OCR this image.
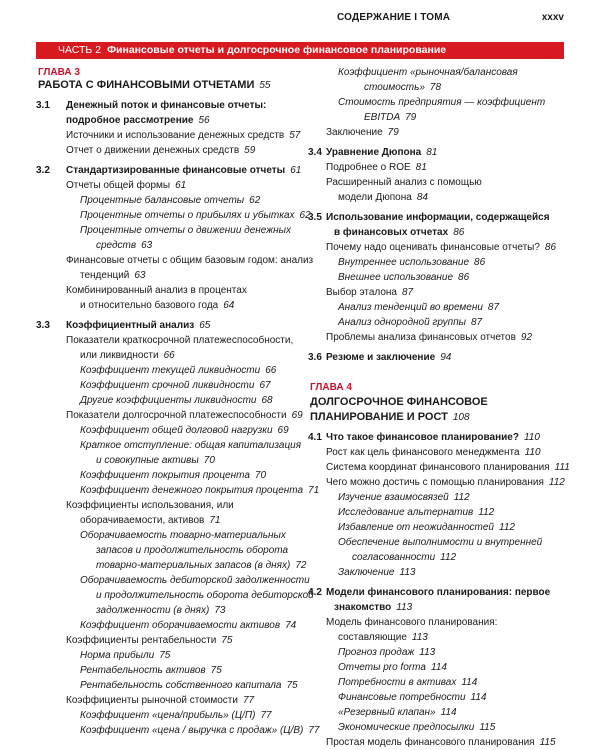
СОДЕРЖАНИЕ I ТОМА	xxxv
ЧАСТЬ 2 Финансовые отчеты и долгосрочное финансовое планирование
ГЛАВА 3
РАБОТА С ФИНАНСОВЫМИ ОТЧЕТАМИ 55
3.1 Денежный поток и финансовые отчеты:
подробное рассмотрение 56
Источники и использование денежных средств 57
Отчет о движении денежных средств 59
3.2 Стандартизированные финансовые отчеты 61
Отчеты общей формы 61
Процентные балансовые отчеты 62
Процентные отчеты о прибылях и убытках 62
Процентные отчеты о движении денежных
средств 63
Финансовые отчеты с общим базовым годом: анализ
тенденций 63
Комбинированный анализ в процентах
и относительно базового года 64
3.3 Коэффициентный анализ 65
Показатели краткосрочной платежеспособности,
или ликвидности 66
Коэффициент текущей ликвидности 66
Коэффициент срочной ликвидности 67
Другие коэффициенты ликвидности 68
Показатели долгосрочной платежеспособности 69
Коэффициент общей долговой нагрузки 69
Краткое отступление: общая капитализация
и совокупные активы 70
Коэффициент покрытия процента 70
Коэффициент денежного покрытия процента 71
Коэффициенты использования, или
оборачиваемости, активов 71
Оборачиваемость товарно-материальных
запасов и продолжительность оборота
товарно-материальных запасов (в днях) 72
Оборачиваемость дебиторской задолженности
и продолжительность оборота дебиторской
задолженности (в днях) 73
Коэффициент оборачиваемости активов 74
Коэффициенты рентабельности 75
Норма прибыли 75
Рентабельность активов 75
Рентабельность собственного капитала 75
Коэффициенты рыночной стоимости 77
Коэффициент «цена/прибыль» (Ц/П) 77
Коэффициент «цена / выручка с продаж» (Ц/В) 77
Коэффициент «рыночная/балансовая
стоимость» 78
Стоимость предприятия — коэффициент
EBITDA 79
Заключение 79
3.4 Уравнение Дюпона 81
Подробнее о ROE 81
Расширенный анализ с помощью
модели Дюпона 84
3.5 Использование информации, содержащейся
в финансовых отчетах 86
Почему надо оценивать финансовые отчеты? 86
Внутреннее использование 86
Внешнее использование 86
Выбор эталона 87
Анализ тенденций во времени 87
Анализ однородной группы 87
Проблемы анализа финансовых отчетов 92
3.6 Резюме и заключение 94
ГЛАВА 4
ДОЛГОСРОЧНОЕ ФИНАНСОВОЕ
ПЛАНИРОВАНИЕ И РОСТ 108
4.1 Что такое финансовое планирование? 110
Рост как цель финансового менеджмента 110
Система координат финансового планирования 111
Чего можно достичь с помощью планирования 112
Изучение взаимосвязей 112
Исследование альтернатив 112
Избавление от неожиданностей 112
Обеспечение выполнимости и внутренней
согласованности 112
Заключение 113
4.2 Модели финансового планирования: первое
знакомство 113
Модель финансового планирования:
составляющие 113
Прогноз продаж 113
Отчеты pro forma 114
Потребности в активах 114
Финансовые потребности 114
«Резервный клапан» 114
Экономические предпосылки 115
Простая модель финансового планирования 115
